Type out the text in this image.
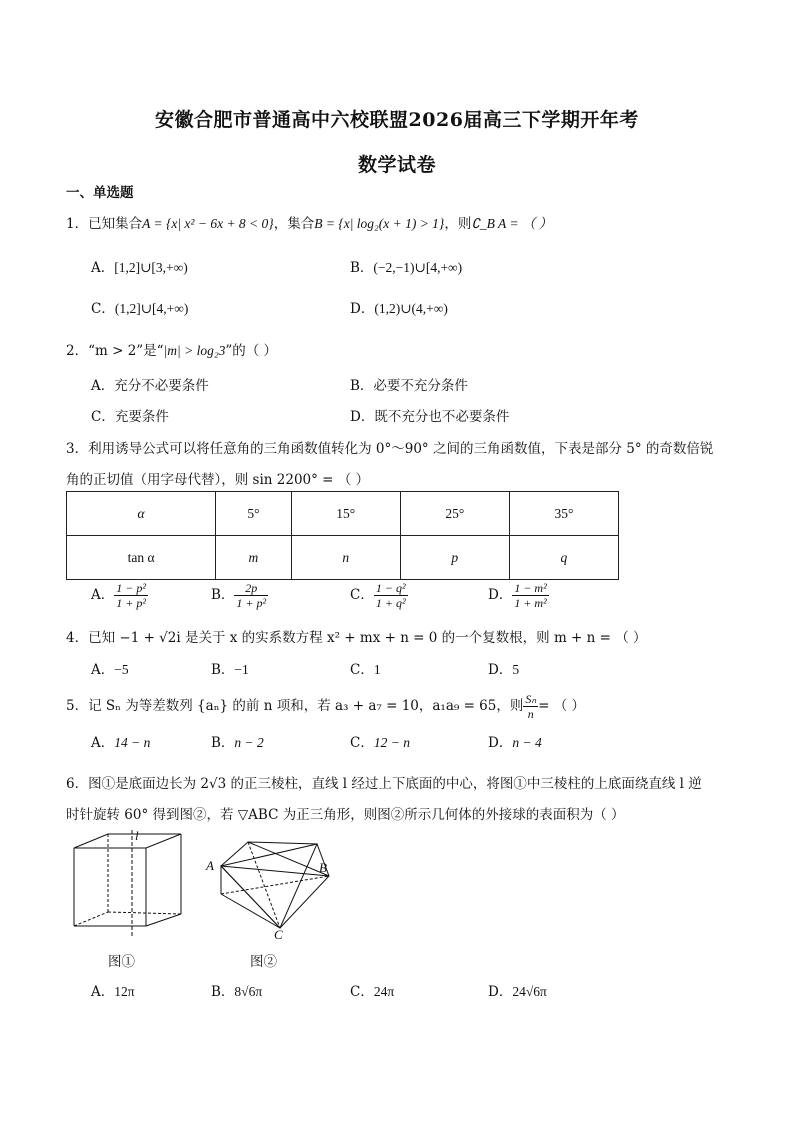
安徽合肥市普通高中六校联盟2026届高三下学期开年考
数学试卷
一、单选题
1．已知集合A = {x| x² − 6x + 8 < 0}，集合B = {x| log₂(x + 1) > 1}，则∁_B A = （ ）
A．[1,2]∪[3,+∞)	B．(−2,−1)∪[4,+∞)
C．(1,2]∪[4,+∞)	D．(1,2)∪(4,+∞)
2．“m > 2”是“|m| > log₂3”的（ ）
A．充分不必要条件	B．必要不充分条件
C．充要条件	D．既不充分也不必要条件
3．利用诱导公式可以将任意角的三角函数值转化为 0°～90° 之间的三角函数值，下表是部分 5° 的奇数倍锐
角的正切值（用字母代替），则 sin 2200° = （ ）
α	5°	15°	25°	35°
tan α	m	n	p	q
A． $\frac{\text{1 − p²}}{\text{1 + p²}}$	B． $\frac{2p}{\text{1 + p²}}$	C． $\frac{\text{1 − q²}}{\text{1 + q²}}$	D． $\frac{\text{1 − m²}}{\text{1 + m²}}$
4．已知 −1 + √2i 是关于 x 的实系数方程 x² + mx + n = 0 的一个复数根，则 m + n = （ ）
A．−5	B．−1	C．1	D．5
5．记 Sₙ 为等差数列 {aₙ} 的前 n 项和，若 a₃ + a₇ = 10，a₁a₉ = 65，则 $\frac{\text{Sₙ}}{n}$ = （ ）
A．14 − n	B．n − 2	C．12 − n	D．n − 4
6．图①是底面边长为 2√3 的正三棱柱，直线 l 经过上下底面的中心，将图①中三棱柱的上底面绕直线 l 逆
时针旋转 60° 得到图②，若 ▽ABC 为正三角形，则图②所示几何体的外接球的表面积为（ ）
l
图①
A	B
C
图②
A．12π	B．8√6π	C．24π	D．24√6π
